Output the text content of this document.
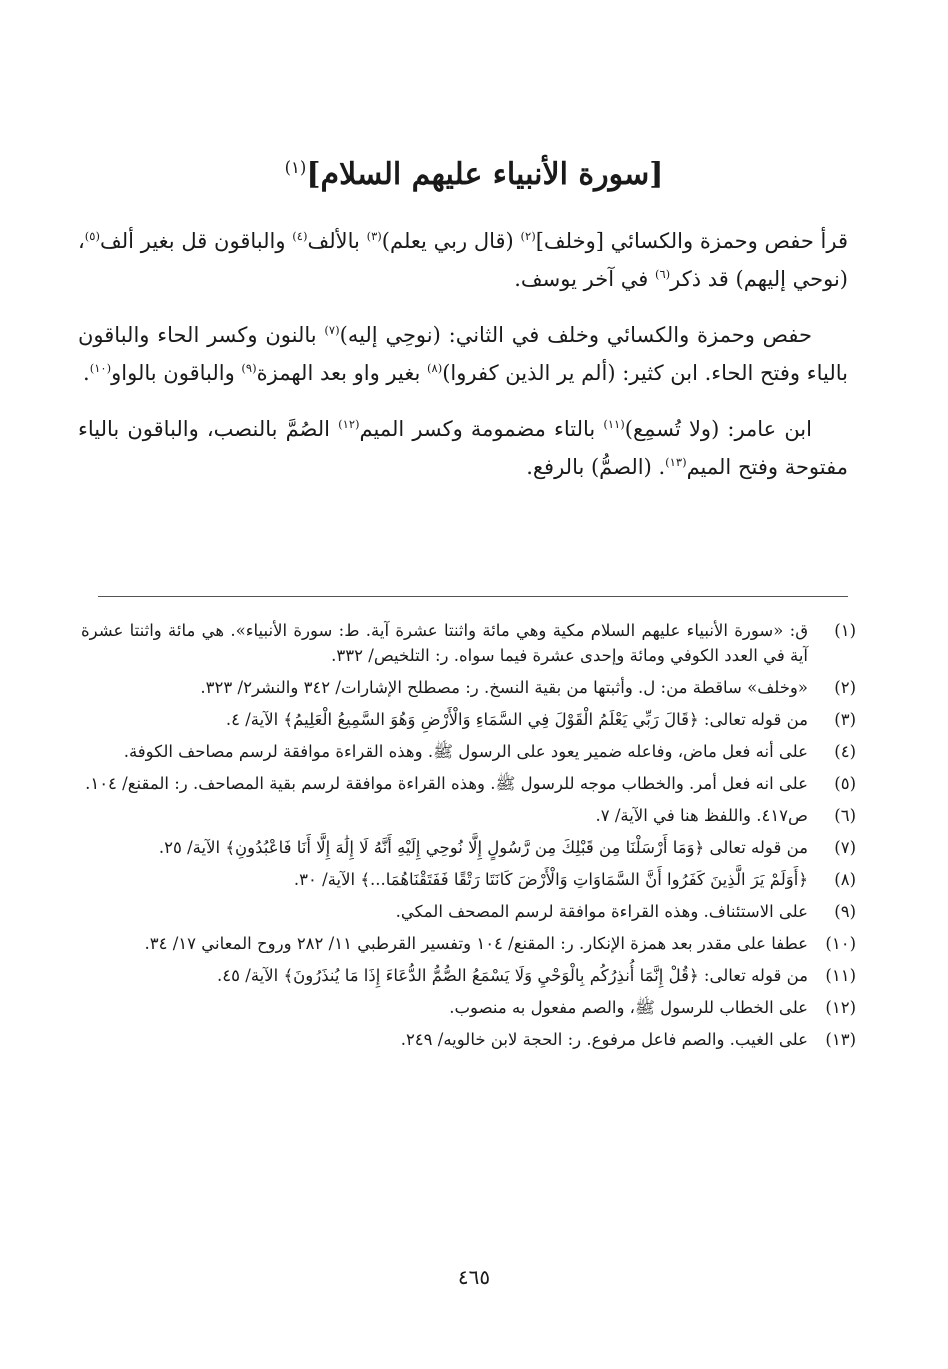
[سورة الأنبياء عليهم السلام]$^{(١)}$

قرأ حفص وحمزة والكسائي [وخلف]$^{(٢)}$ (قال ربي يعلم)$^{(٣)}$ بالألف$^{(٤)}$ والباقون قل بغير ألف$^{(٥)}$، (نوحي إليهم) قد ذكر$^{(٦)}$ في آخر يوسف.

حفص وحمزة والكسائي وخلف في الثاني: (نوحِي إليه)$^{(٧)}$ بالنون وكسر الحاء والباقون بالياء وفتح الحاء. ابن كثير: (ألم ير الذين كفروا)$^{(٨)}$ بغير واو بعد الهمزة$^{(٩)}$ والباقون بالواو$^{(١٠)}$.

ابن عامر: (ولا تُسمِع)$^{(١١)}$ بالتاء مضمومة وكسر الميم$^{(١٢)}$ الصُمَّ بالنصب، والباقون بالياء مفتوحة وفتح الميم$^{(١٣)}$. (الصمُّ) بالرفع.

(١)
ق: «سورة الأنبياء عليهم السلام مكية وهي مائة واثنتا عشرة آية. ط: سورة الأنبياء». هي مائة واثنتا عشرة آية في العدد الكوفي ومائة وإحدى عشرة فيما سواه. ر: التلخيص/ ٣٣٢.
(٢)
«وخلف» ساقطة من: ل. وأثبتها من بقية النسخ. ر: مصطلح الإشارات/ ٣٤٢ والنشر٢/ ٣٢٣.
(٣)
من قوله تعالى: ﴿قَالَ رَبِّي يَعْلَمُ الْقَوْلَ فِي السَّمَاءِ وَالْأَرْضِ وَهُوَ السَّمِيعُ الْعَلِيمُ﴾ الآية/ ٤.
(٤)
على أنه فعل ماض، وفاعله ضمير يعود على الرسول ﷺ. وهذه القراءة موافقة لرسم مصاحف الكوفة.
(٥)
على انه فعل أمر. والخطاب موجه للرسول ﷺ. وهذه القراءة موافقة لرسم بقية المصاحف. ر: المقنع/ ١٠٤.
(٦)
ص٤١٧. واللفظ هنا في الآية/ ٧.
(٧)
من قوله تعالى ﴿وَمَا أَرْسَلْنَا مِن قَبْلِكَ مِن رَّسُولٍ إِلَّا نُوحِي إِلَيْهِ أَنَّهُ لَا إِلَٰهَ إِلَّا أَنَا فَاعْبُدُونِ﴾ الآية/ ٢٥.
(٨)
﴿أَوَلَمْ يَرَ الَّذِينَ كَفَرُوا أَنَّ السَّمَاوَاتِ وَالْأَرْضَ كَانَتَا رَتْقًا فَفَتَقْنَاهُمَا...﴾ الآية/ ٣٠.
(٩)
على الاستئناف. وهذه القراءة موافقة لرسم المصحف المكي.
(١٠)
عطفا على مقدر بعد همزة الإنكار. ر: المقنع/ ١٠٤ وتفسير القرطبي ١١/ ٢٨٢ وروح المعاني ١٧/ ٣٤.
(١١)
من قوله تعالى: ﴿قُلْ إِنَّمَا أُنذِرُكُم بِالْوَحْيِ وَلَا يَسْمَعُ الصُّمُّ الدُّعَاءَ إِذَا مَا يُنذَرُونَ﴾ الآية/ ٤٥.
(١٢)
على الخطاب للرسول ﷺ، والصم مفعول به منصوب.
(١٣)
على الغيب. والصم فاعل مرفوع. ر: الحجة لابن خالويه/ ٢٤٩.
٤٦٥
